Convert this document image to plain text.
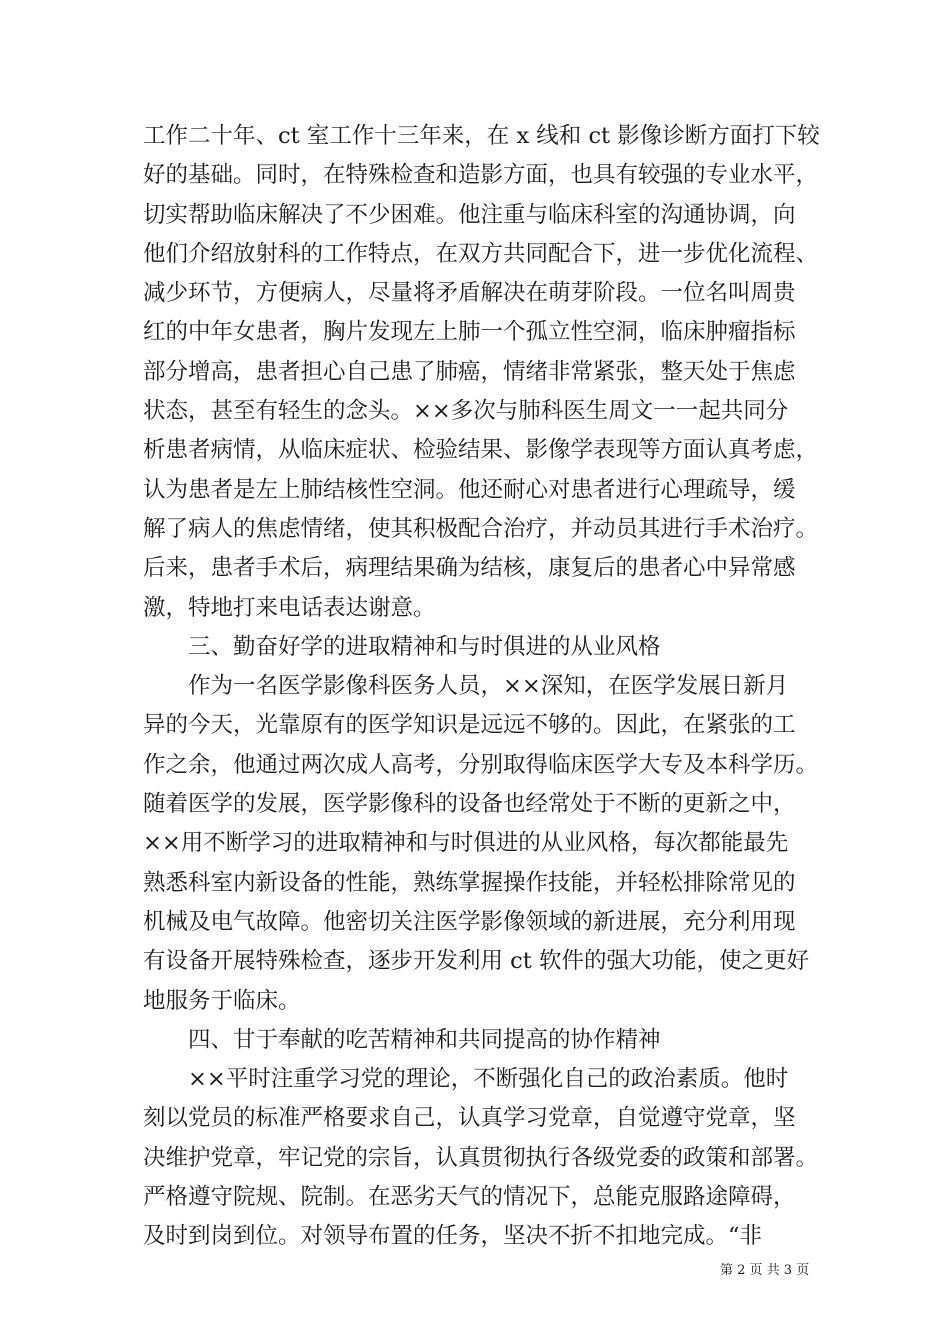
工作二十年、ct 室工作十三年来，在 x 线和 ct 影像诊断方面打下较
好的基础。同时，在特殊检查和造影方面，也具有较强的专业水平，
切实帮助临床解决了不少困难。他注重与临床科室的沟通协调，向
他们介绍放射科的工作特点，在双方共同配合下，进一步优化流程、
减少环节，方便病人，尽量将矛盾解决在萌芽阶段。一位名叫周贵
红的中年女患者，胸片发现左上肺一个孤立性空洞，临床肿瘤指标
部分增高，患者担心自己患了肺癌，情绪非常紧张，整天处于焦虑
状态，甚至有轻生的念头。××多次与肺科医生周文一一起共同分
析患者病情，从临床症状、检验结果、影像学表现等方面认真考虑，
认为患者是左上肺结核性空洞。他还耐心对患者进行心理疏导，缓
解了病人的焦虑情绪，使其积极配合治疗，并动员其进行手术治疗。
后来，患者手术后，病理结果确为结核，康复后的患者心中异常感
激，特地打来电话表达谢意。
　　三、勤奋好学的进取精神和与时俱进的从业风格
　　作为一名医学影像科医务人员，××深知，在医学发展日新月
异的今天，光靠原有的医学知识是远远不够的。因此，在紧张的工
作之余，他通过两次成人高考，分别取得临床医学大专及本科学历。
随着医学的发展，医学影像科的设备也经常处于不断的更新之中，
××用不断学习的进取精神和与时俱进的从业风格，每次都能最先
熟悉科室内新设备的性能，熟练掌握操作技能，并轻松排除常见的
机械及电气故障。他密切关注医学影像领域的新进展，充分利用现
有设备开展特殊检查，逐步开发利用 ct 软件的强大功能，使之更好
地服务于临床。
　　四、甘于奉献的吃苦精神和共同提高的协作精神
　　××平时注重学习党的理论，不断强化自己的政治素质。他时
刻以党员的标准严格要求自己，认真学习党章，自觉遵守党章，坚
决维护党章，牢记党的宗旨，认真贯彻执行各级党委的政策和部署。
严格遵守院规、院制。在恶劣天气的情况下，总能克服路途障碍，
及时到岗到位。对领导布置的任务，坚决不折不扣地完成。“非
第 2 页 共 3 页
